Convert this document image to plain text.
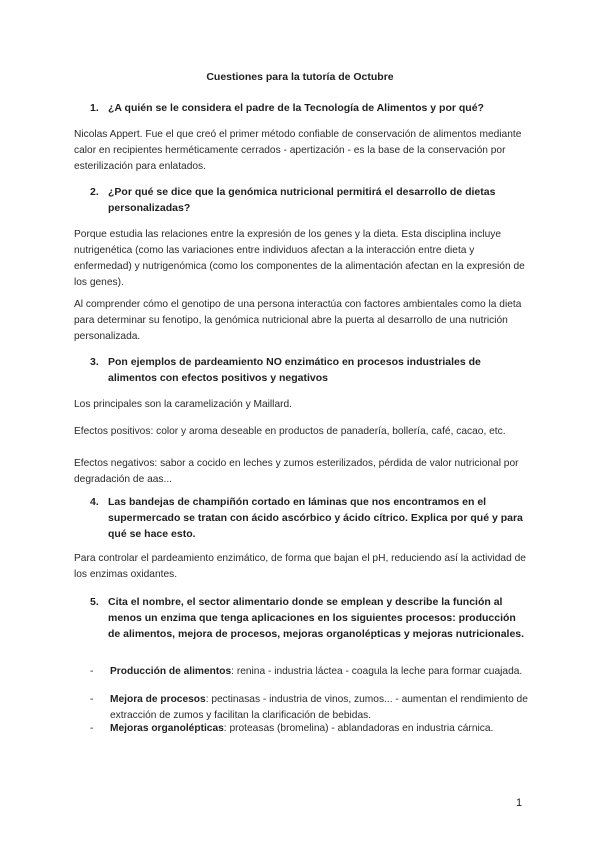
Cuestiones para la tutoría de Octubre
1. ¿A quién se le considera el padre de la Tecnología de Alimentos y por qué?
Nicolas Appert. Fue el que creó el primer método confiable de conservación de alimentos mediante calor en recipientes herméticamente cerrados - apertización - es la base de la conservación por esterilización para enlatados.
2. ¿Por qué se dice que la genómica nutricional permitirá el desarrollo de dietas personalizadas?
Porque estudia las relaciones entre la expresión de los genes y la dieta. Esta disciplina incluye nutrigenética (como las variaciones entre individuos afectan a la interacción entre dieta y enfermedad) y nutrigenómica (como los componentes de la alimentación afectan en la expresión de los genes).
Al comprender cómo el genotipo de una persona interactúa con factores ambientales como la dieta para determinar su fenotipo, la genómica nutricional abre la puerta al desarrollo de una nutrición personalizada.
3. Pon ejemplos de pardeamiento NO enzimático en procesos industriales de alimentos con efectos positivos y negativos
Los principales son la caramelización y Maillard.
Efectos positivos: color y aroma deseable en productos de panadería, bollería, café, cacao, etc.
Efectos negativos: sabor a cocido en leches y zumos esterilizados, pérdida de valor nutricional por degradación de aas...
4. Las bandejas de champiñón cortado en láminas que nos encontramos en el supermercado se tratan con ácido ascórbico y ácido cítrico. Explica por qué y para qué se hace esto.
Para controlar el pardeamiento enzimático, de forma que bajan el pH, reduciendo así la actividad de los enzimas oxidantes.
5. Cita el nombre, el sector alimentario donde se emplean y describe la función al menos un enzima que tenga aplicaciones en los siguientes procesos: producción de alimentos, mejora de procesos, mejoras organolépticas y mejoras nutricionales.
- Producción de alimentos: renina - industria láctea - coagula la leche para formar cuajada.
- Mejora de procesos: pectinasas - industria de vinos, zumos... - aumentan el rendimiento de extracción de zumos y facilitan la clarificación de bebidas.
- Mejoras organolépticas: proteasas (bromelina) - ablandadoras en industria cárnica.
1
